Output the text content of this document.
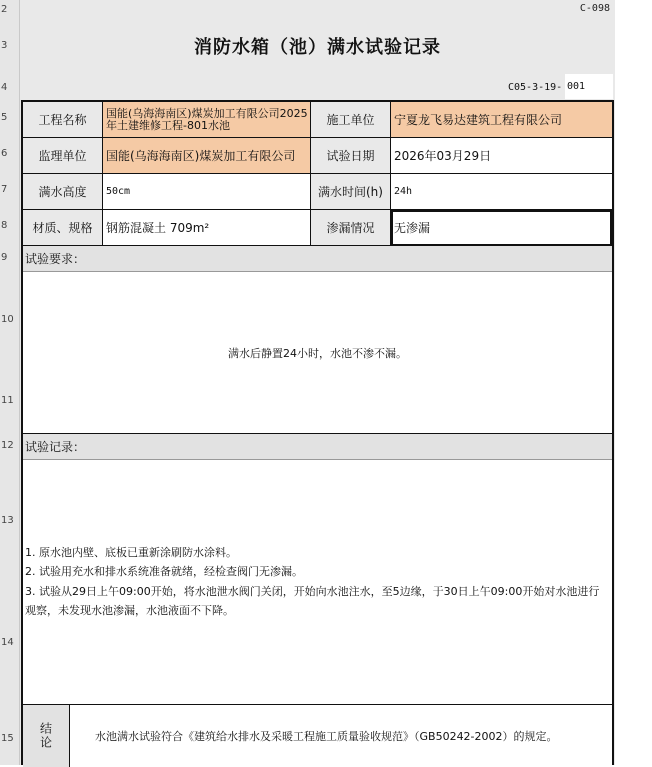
2
3
4
5
6
7
8
9
10
11
12
13
14
15
C-098
消防水箱（池）满水试验记录
C05-3-19- 001
工程名称	国能(乌海海南区)煤炭加工有限公司2025年土建维修工程-801水池	施工单位	宁夏龙飞易达建筑工程有限公司
监理单位	国能(乌海海南区)煤炭加工有限公司	试验日期	2026年03月29日
满水高度	50cm	满水时间(h)	24h
材质、规格	钢筋混凝土 709m²	渗漏情况	无渗漏
试验要求：
满水后静置24小时，水池不渗不漏。
试验记录：
1. 原水池内壁、底板已重新涂刷防水涂料。
2. 试验用充水和排水系统准备就绪，经检查阀门无渗漏。
3. 试验从29日上午09:00开始，将水池泄水阀门关闭，开始向水池注水，至5边缘，于30日上午09:00开始对水池进行观察，未发现水池渗漏，水池液面不下降。
结论	水池满水试验符合《建筑给水排水及采暖工程施工质量验收规范》（GB50242-2002）的规定。
